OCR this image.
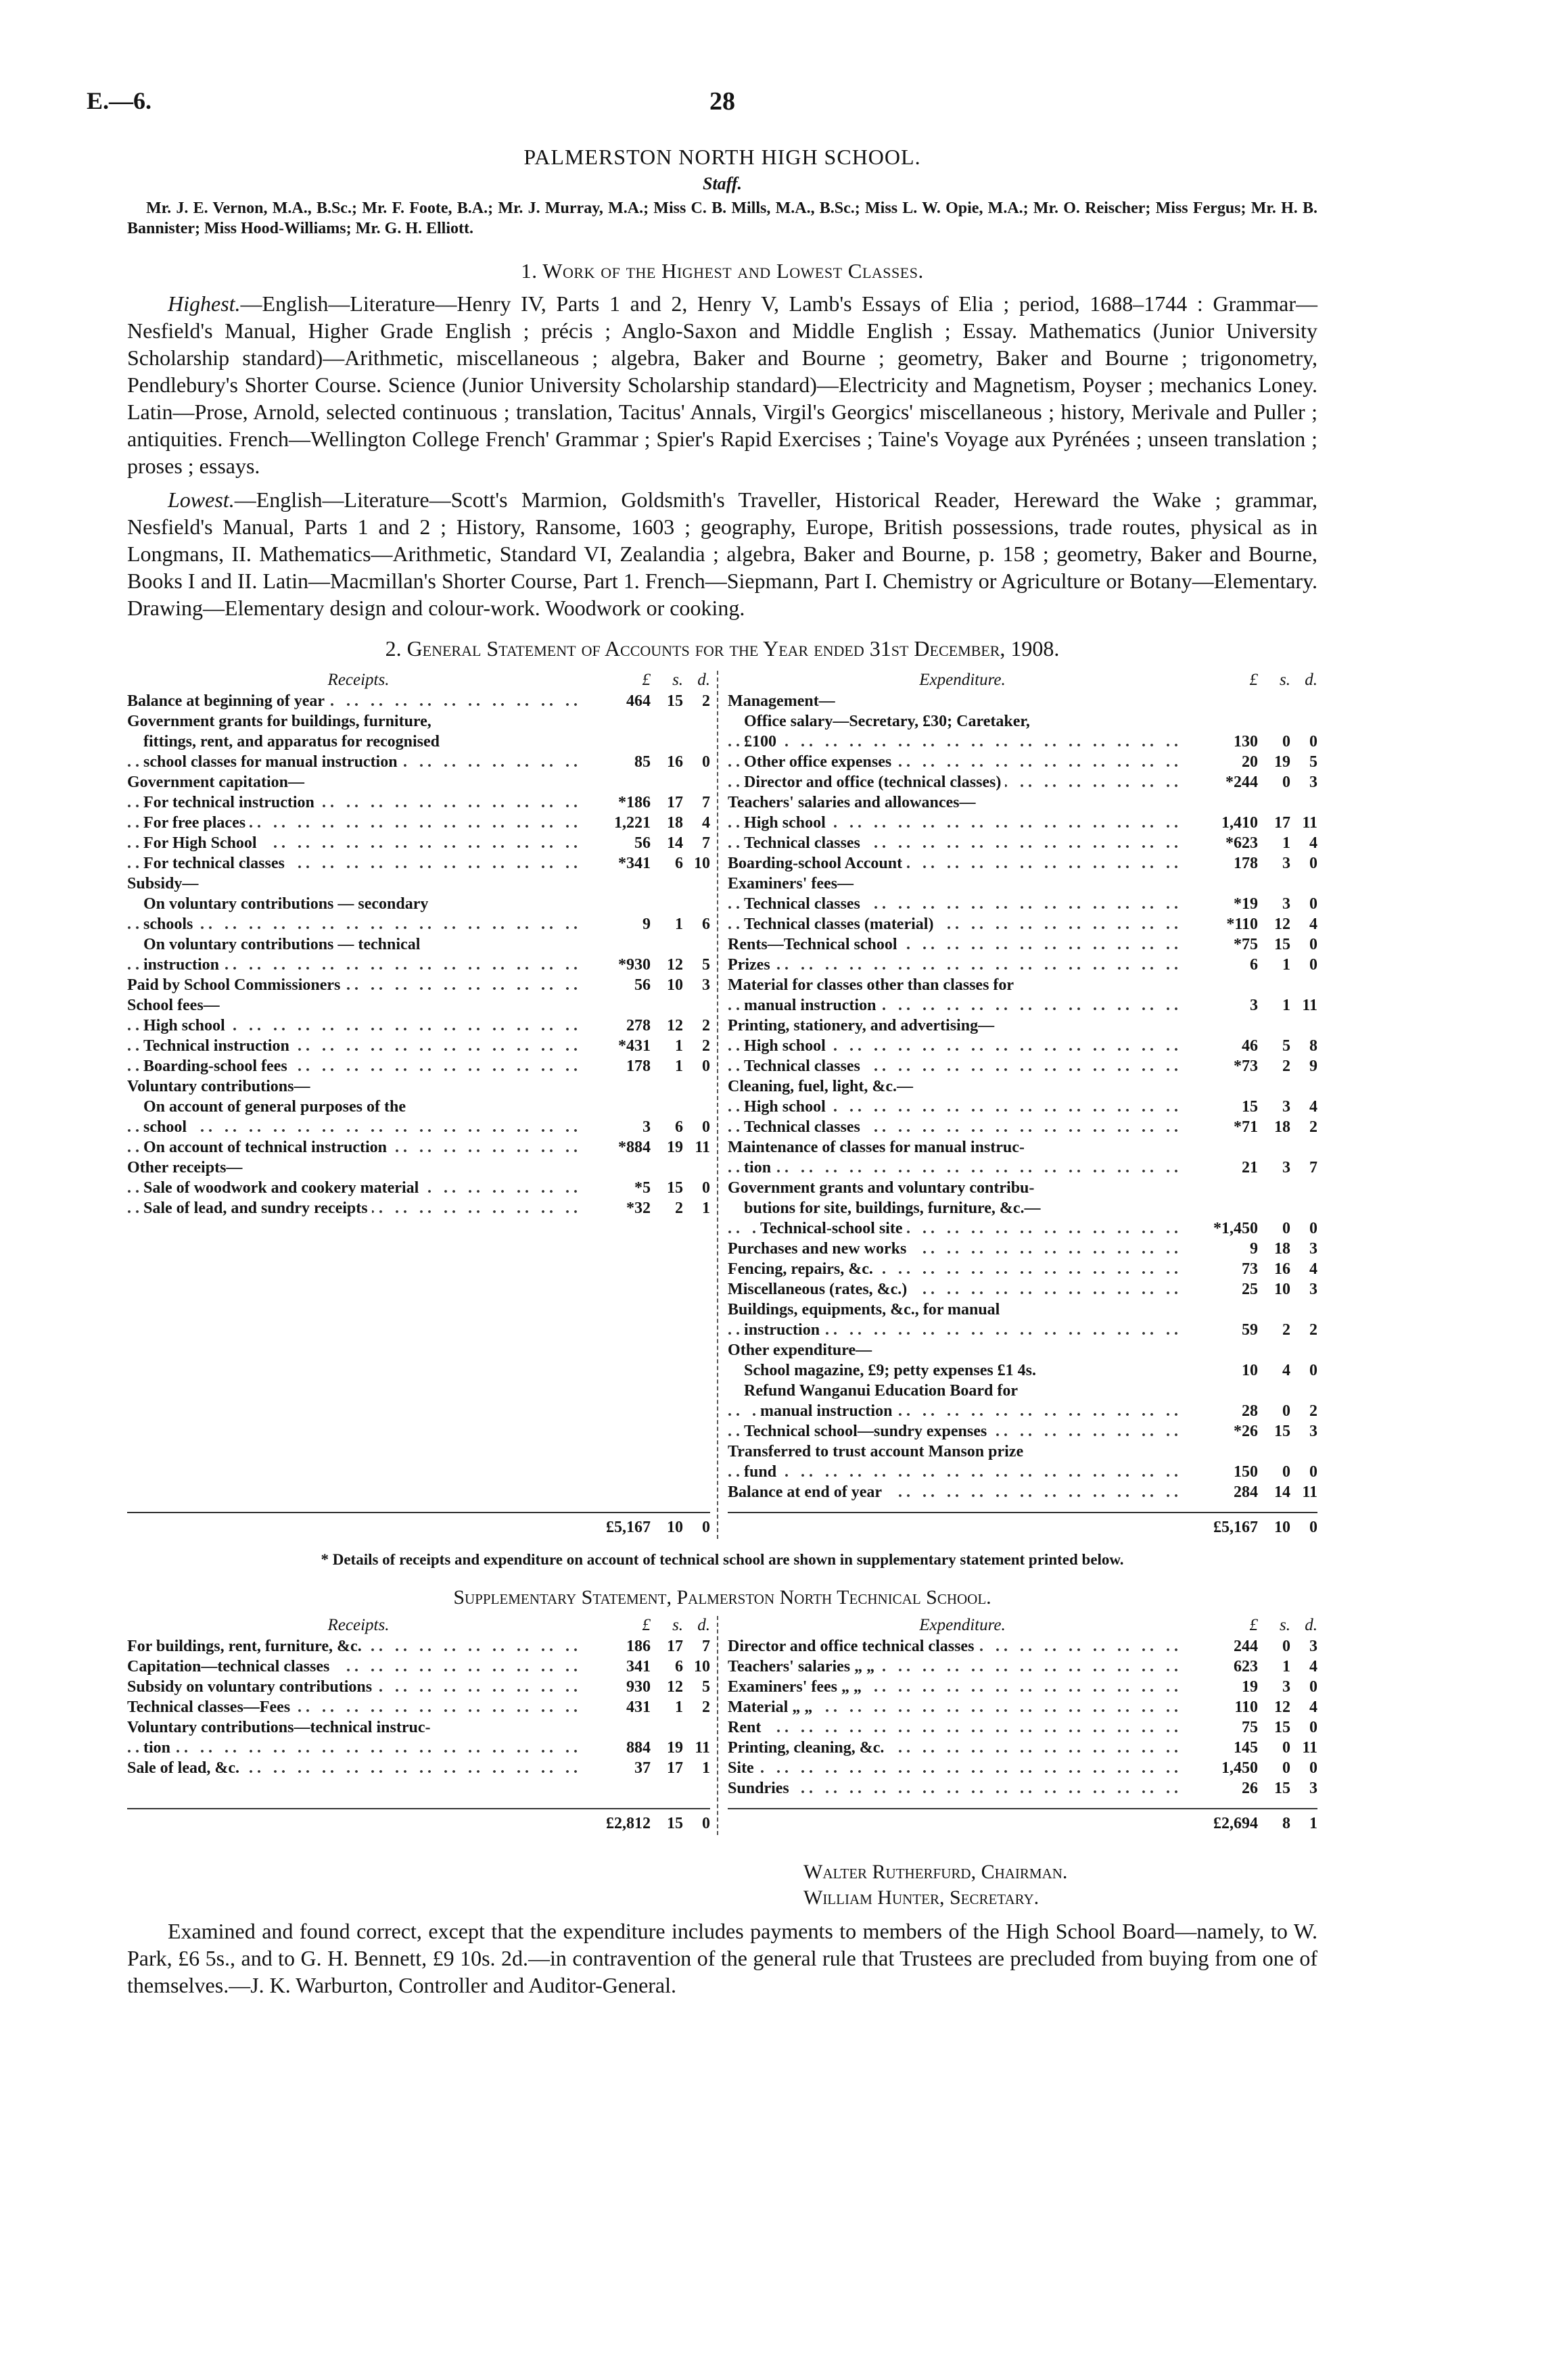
E.—6.	28
PALMERSTON NORTH HIGH SCHOOL.
Staff.
Mr. J. E. Vernon, M.A., B.Sc.; Mr. F. Foote, B.A.; Mr. J. Murray, M.A.; Miss C. B. Mills, M.A., B.Sc.; Miss L. W. Opie, M.A.; Mr. O. Reischer; Miss Fergus; Mr. H. B. Bannister; Miss Hood-Williams; Mr. G. H. Elliott.
1. Work of the Highest and Lowest Classes.
Highest.—English—Literature—Henry IV, Parts 1 and 2, Henry V, Lamb's Essays of Elia ; period, 1688–1744 : Grammar—Nesfield's Manual, Higher Grade English ; précis ; Anglo-Saxon and Middle English ; Essay. Mathematics (Junior University Scholarship standard)—Arithmetic, miscellaneous ; algebra, Baker and Bourne ; geometry, Baker and Bourne ; trigonometry, Pendlebury's Shorter Course. Science (Junior University Scholarship standard)—Electricity and Magnetism, Poyser ; mechanics Loney. Latin—Prose, Arnold, selected continuous ; translation, Tacitus' Annals, Virgil's Georgics' miscellaneous ; history, Merivale and Puller ; antiquities. French—Wellington College French' Grammar ; Spier's Rapid Exercises ; Taine's Voyage aux Pyrénées ; unseen translation ; proses ; essays.
Lowest.—English—Literature—Scott's Marmion, Goldsmith's Traveller, Historical Reader, Hereward the Wake ; grammar, Nesfield's Manual, Parts 1 and 2 ; History, Ransome, 1603 ; geography, Europe, British possessions, trade routes, physical as in Longmans, II. Mathematics—Arithmetic, Standard VI, Zealandia ; algebra, Baker and Bourne, p. 158 ; geometry, Baker and Bourne, Books I and II. Latin—Macmillan's Shorter Course, Part 1. French—Siepmann, Part I. Chemistry or Agriculture or Botany—Elementary. Drawing—Elementary design and colour-work. Woodwork or cooking.
2. General Statement of Accounts for the Year ended 31st December, 1908.
Receipts.	£	s. d.
Balance at beginning of year .. ..	464	15	2
Government grants for buildings, furniture,
fittings, rent, and apparatus for recognised
school classes for manual instruction .. ..	85	16	0
Government capitation—
For technical instruction .. ..	*186	17	7
For free places .. ..	1,221	18	4
For High School .. ..	56	14	7
For technical classes .. ..	*341	6 10
Subsidy—
On voluntary contributions — secondary
schools .. ..	9	1	6
On voluntary contributions — technical
instruction .. ..	*930	12	5
Paid by School Commissioners .. ..	56	10	3
School fees—
High school .. ..	278	12	2
Technical instruction .. ..	*431	1	2
Boarding-school fees .. ..	178	1	0
Voluntary contributions—
On account of general purposes of the
school .. ..	3	6	0
On account of technical instruction .. ..	*884	19 11
Other receipts—
Sale of woodwork and cookery material .. ..	*5	15	0
Sale of lead, and sundry receipts .. ..	*32	2	1
£5,167	10	0
Expenditure.	£	s. d.
Management—
Office salary—Secretary, £30; Caretaker,
£100 .. ..	130	0	0
Other office expenses .. ..	20	19	5
Director and office (technical classes) .. ..	*244	0	3
Teachers' salaries and allowances—
High school .. ..	1,410	17 11
Technical classes .. ..	*623	1	4
Boarding-school Account .. ..	178	3	0
Examiners' fees—
Technical classes .. ..	*19	3	0
Technical classes (material) .. ..	*110	12	4
Rents—Technical school .. ..	*75	15	0
Prizes .. ..	6	1	0
Material for classes other than classes for
manual instruction .. ..	3	1 11
Printing, stationery, and advertising—
High school .. ..	46	5	8
Technical classes .. ..	*73	2	9
Cleaning, fuel, light, &c.—
High school .. ..	15	3	4
Technical classes .. ..	*71	18	2
Maintenance of classes for manual instruc-
tion .. ..	21	3	7
Government grants and voluntary contribu-
butions for site, buildings, furniture, &c.—
Technical-school site .. ..	*1,450	0	0
Purchases and new works .. ..	9	18	3
Fencing, repairs, &c. .. ..	73	16	4
Miscellaneous (rates, &c.) .. ..	25	10	3
Buildings, equipments, &c., for manual
instruction .. ..	59	2	2
Other expenditure—
School magazine, £9; petty expenses £1 4s.	10	4	0
Refund Wanganui Education Board for
manual instruction .. ..	28	0	2
Technical school—sundry expenses .. ..	*26	15	3
Transferred to trust account Manson prize
fund .. ..	150	0	0
Balance at end of year .. ..	284	14 11
£5,167	10	0
* Details of receipts and expenditure on account of technical school are shown in supplementary statement printed below.
Supplementary Statement, Palmerston North Technical School.
Receipts.	£	s. d.
For buildings, rent, furniture, &c. .. ..	186	17	7
Capitation—technical classes .. ..	341	6 10
Subsidy on voluntary contributions .. ..	930	12	5
Technical classes—Fees .. ..	431	1	2
Voluntary contributions—technical instruc-
tion .. ..	884	19 11
Sale of lead, &c. .. ..	37	17	1
£2,812	15	0
Expenditure.	£	s. d.
Director and office technical classes .. ..	244	0	3
Teachers' salaries „ „ .. ..	623	1	4
Examiners' fees „ „ .. ..	19	3	0
Material „ „ .. ..	110	12	4
Rent .. ..	75	15	0
Printing, cleaning, &c. .. ..	145	0 11
Site .. ..	1,450	0	0
Sundries .. ..	26	15	3
£2,694	8	1
Walter Rutherfurd, Chairman.
William Hunter, Secretary.
Examined and found correct, except that the expenditure includes payments to members of the High School Board—namely, to W. Park, £6 5s., and to G. H. Bennett, £9 10s. 2d.—in contravention of the general rule that Trustees are precluded from buying from one of themselves.—J. K. Warburton, Controller and Auditor-General.
